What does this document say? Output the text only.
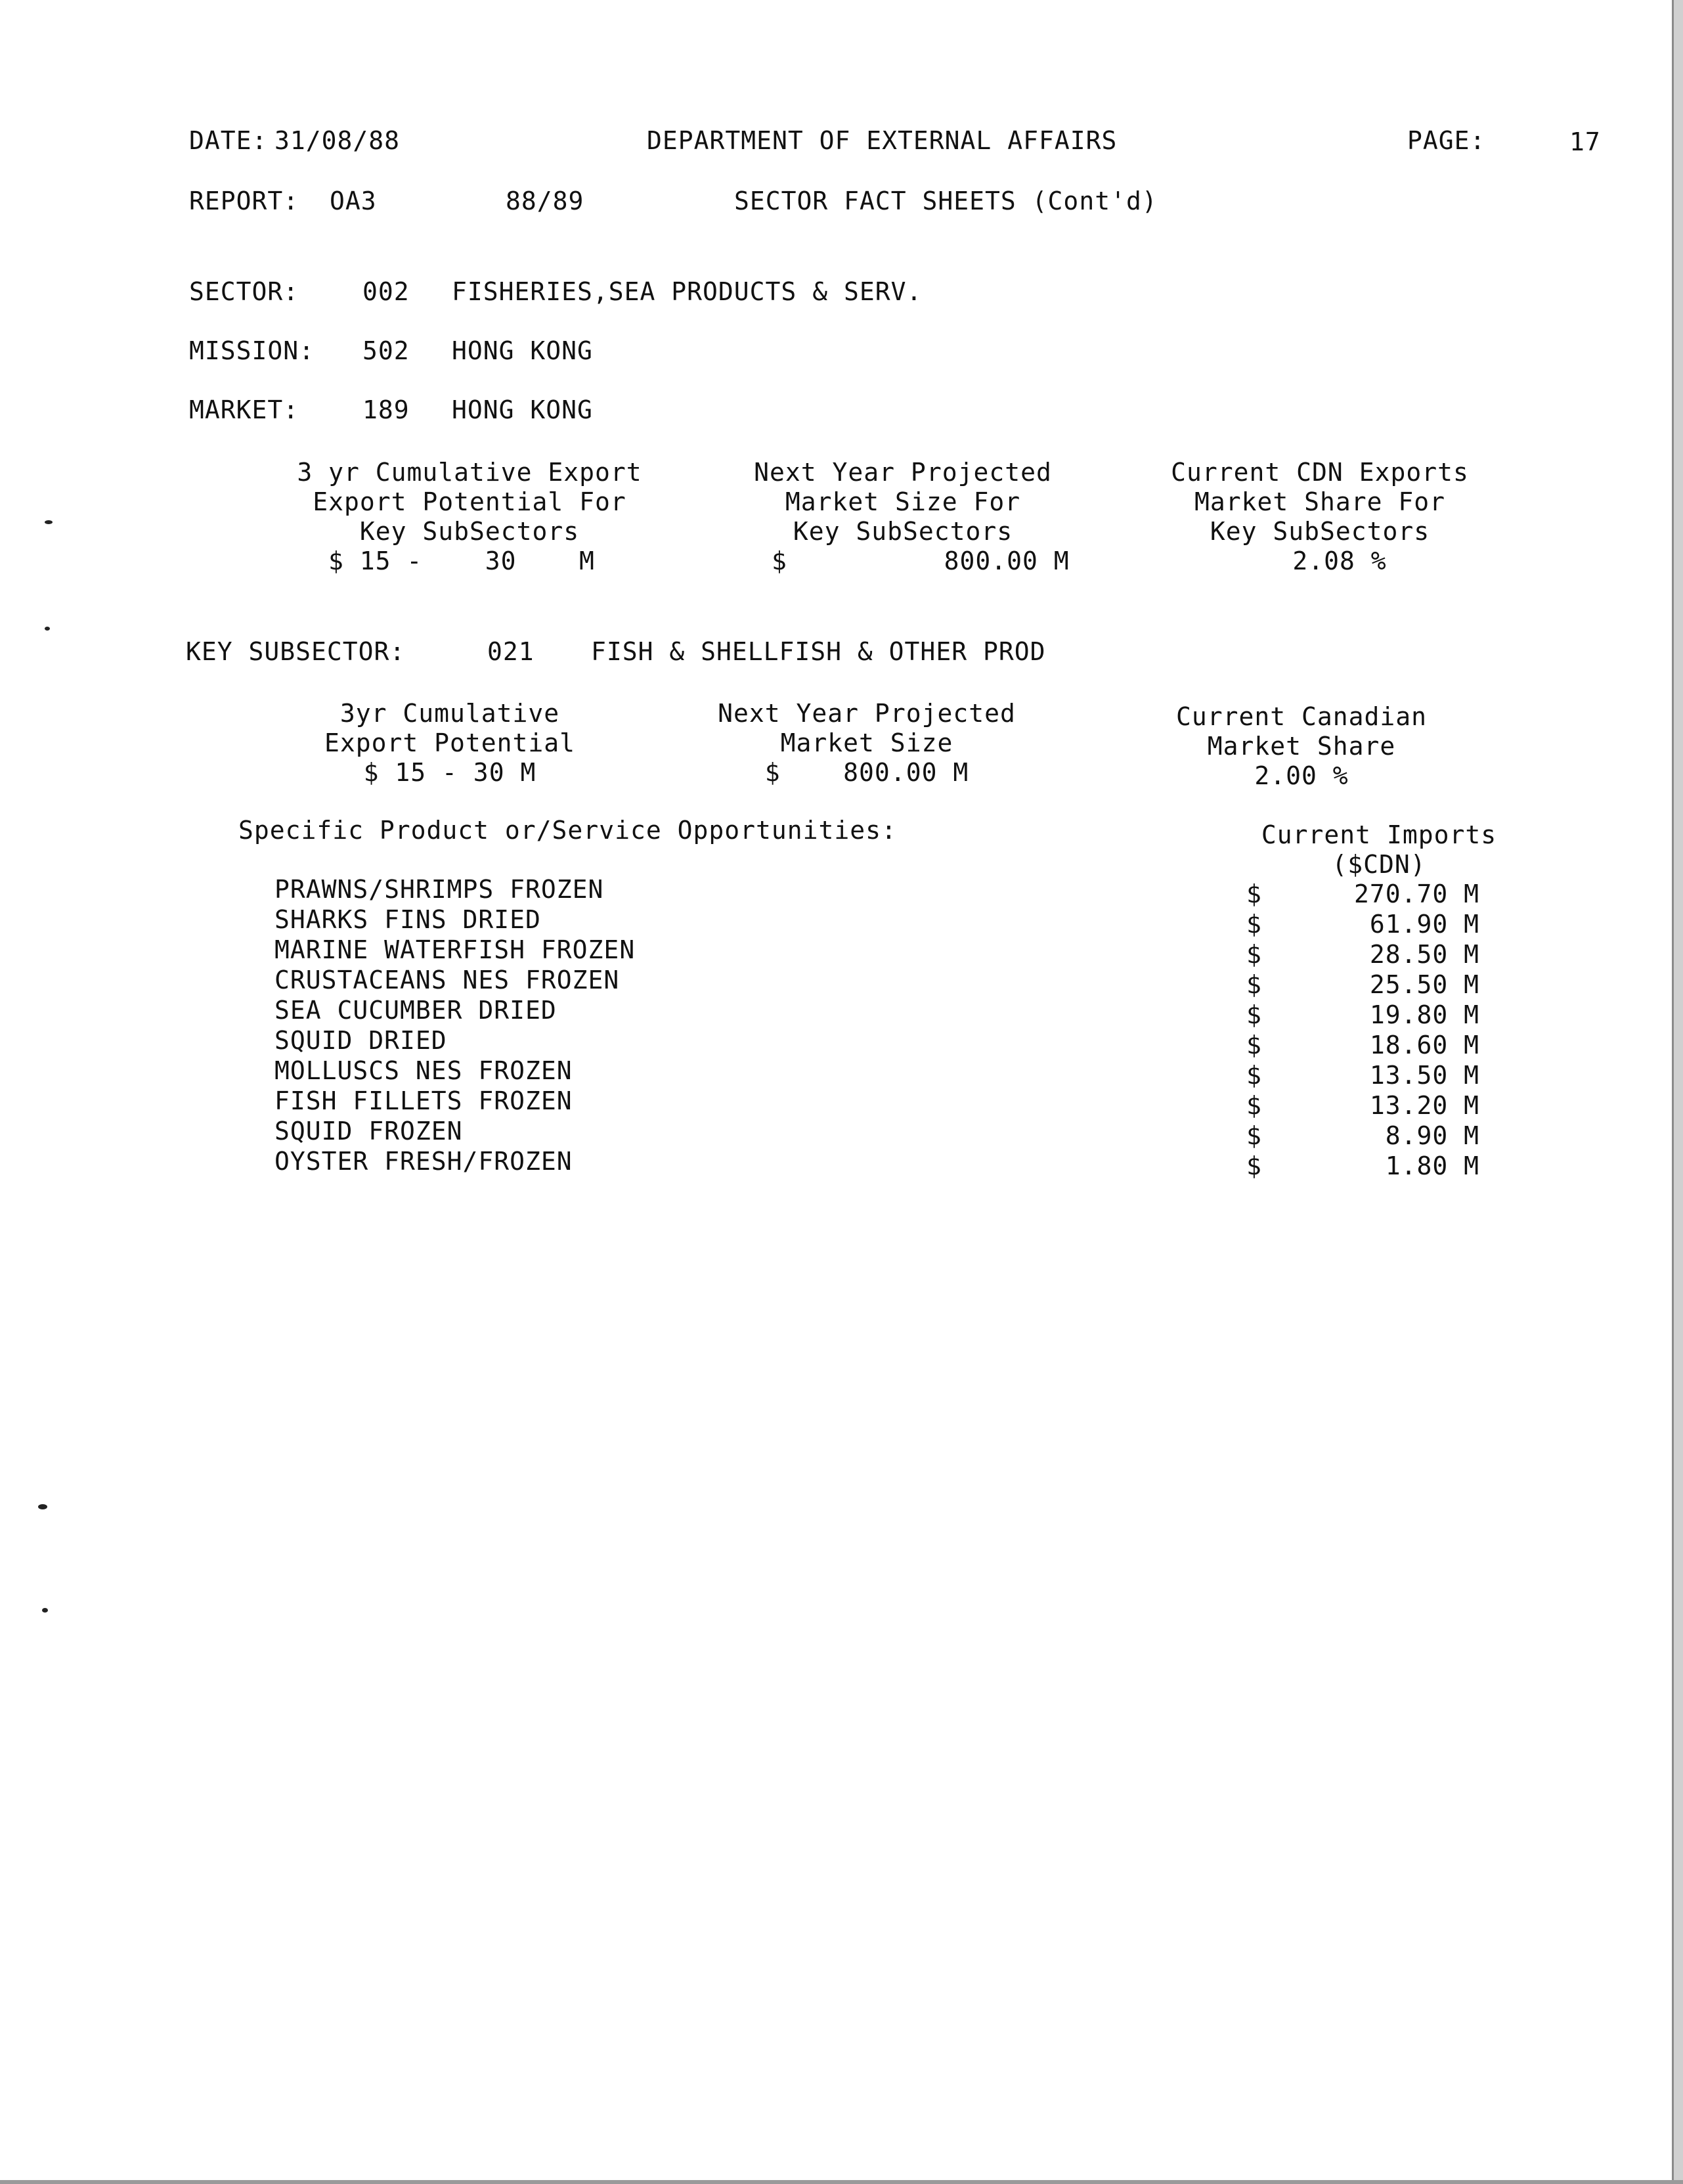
DATE: 31/08/88	DEPARTMENT OF EXTERNAL AFFAIRS	PAGE:	17
REPORT: OA3	88/89	SECTOR FACT SHEETS (Cont'd)
SECTOR:	002 FISHERIES,SEA PRODUCTS & SERV.
MISSION: 502 HONG KONG
MARKET:	189 HONG KONG
3 yr Cumulative Export
Export Potential For
Key SubSectors
$ 15 -    30    M
Next Year Projected
Market Size For
Key SubSectors
$          800.00 M
Current CDN Exports
Market Share For
Key SubSectors
2.08 %
KEY SUBSECTOR:	021 FISH & SHELLFISH & OTHER PROD
3yr Cumulative
Export Potential
$ 15 - 30 M
Next Year Projected
Market Size
$    800.00 M
Current Canadian
Market Share
2.00 %
Specific Product or/Service Opportunities:	Current Imports
($CDN)
PRAWNS/SHRIMPS FROZEN	$	270.70 M
SHARKS FINS DRIED	$	61.90 M
MARINE WATERFISH FROZEN	$	28.50 M
CRUSTACEANS NES FROZEN	$	25.50 M
SEA CUCUMBER DRIED	$	19.80 M
SQUID DRIED	$	18.60 M
MOLLUSCS NES FROZEN	$	13.50 M
FISH FILLETS FROZEN	$	13.20 M
SQUID FROZEN	$	8.90 M
OYSTER FRESH/FROZEN	$	1.80 M
